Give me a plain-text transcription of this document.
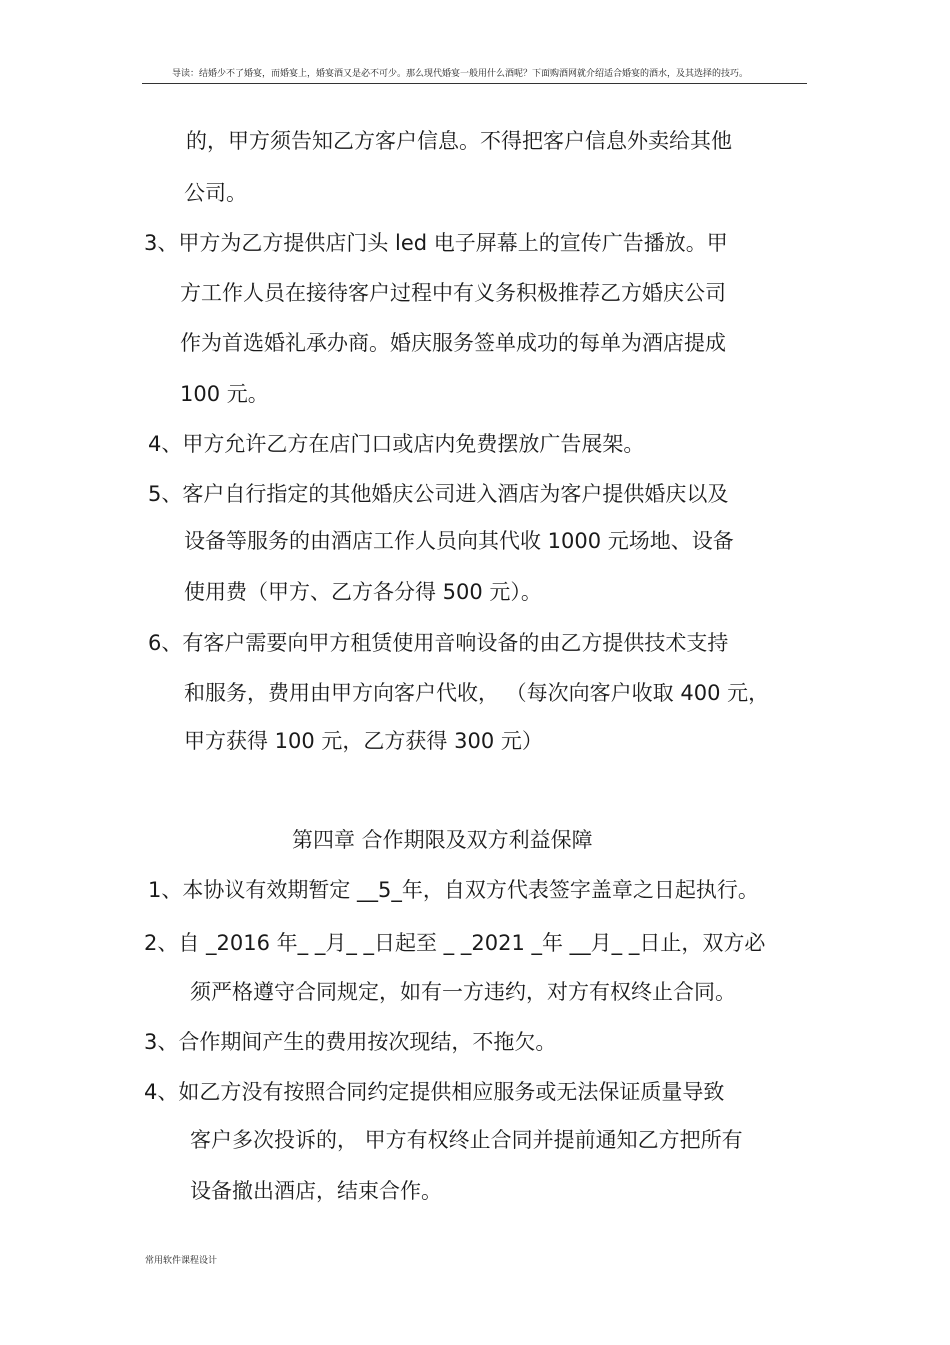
导读：结婚少不了婚宴，而婚宴上，婚宴酒又是必不可少。那么现代婚宴一般用什么酒呢？下面购酒网就介绍适合婚宴的酒水，及其选择的技巧。
的，甲方须告知乙方客户信息。不得把客户信息外卖给其他
公司。
3、甲方为乙方提供店门头 led 电子屏幕上的宣传广告播放。甲
方工作人员在接待客户过程中有义务积极推荐乙方婚庆公司
作为首选婚礼承办商。婚庆服务签单成功的每单为酒店提成
100 元。
4、甲方允许乙方在店门口或店内免费摆放广告展架。
5、客户自行指定的其他婚庆公司进入酒店为客户提供婚庆以及
设备等服务的由酒店工作人员向其代收 1000 元场地、设备
使用费（甲方、乙方各分得 500 元）。
6、有客户需要向甲方租赁使用音响设备的由乙方提供技术支持
和服务，费用由甲方向客户代收， （每次向客户收取 400 元，
甲方获得 100 元，乙方获得 300 元）
第四章 合作期限及双方利益保障
1、本协议有效期暂定 __5_年，自双方代表签字盖章之日起执行。
2、自 _2016 年_ _月_ _日起至 _ _2021 _年 __月_ _日止，双方必
须严格遵守合同规定，如有一方违约，对方有权终止合同。
3、合作期间产生的费用按次现结，不拖欠。
4、如乙方没有按照合同约定提供相应服务或无法保证质量导致
客户多次投诉的， 甲方有权终止合同并提前通知乙方把所有
设备撤出酒店，结束合作。
常用软件课程设计
